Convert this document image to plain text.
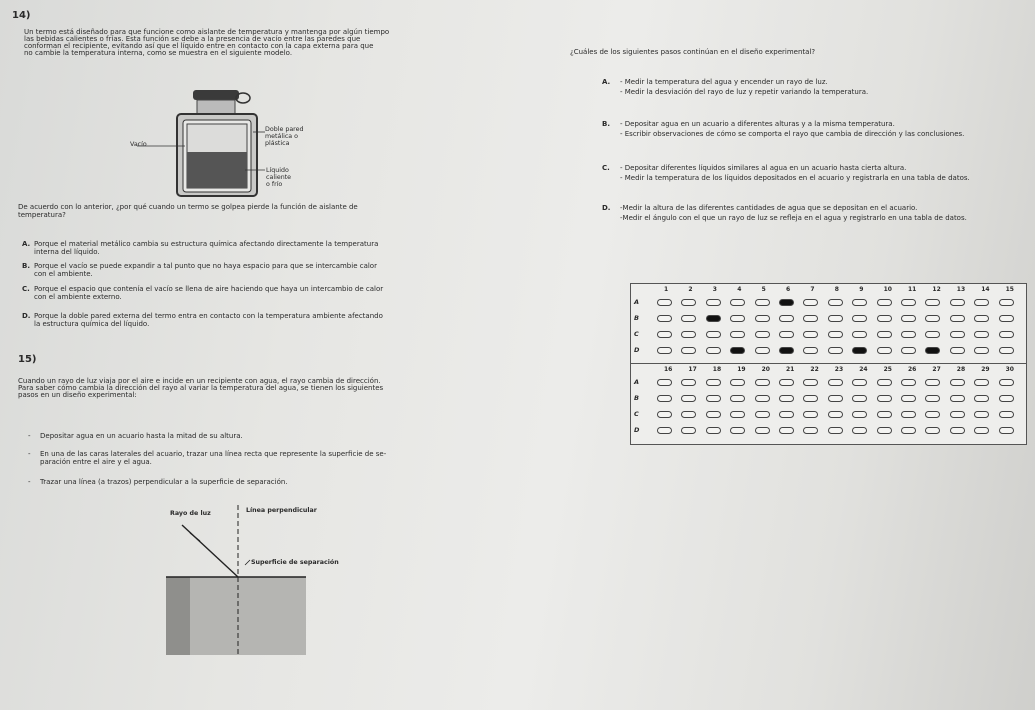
14)
Un termo está diseñado para que funcione como aislante de temperatura y mantenga por algún tiempo
las bebidas calientes o frías. Esta función se debe a la presencia de vacío entre las paredes que
conforman el recipiente, evitando así que el líquido entre en contacto con la capa externa para que
no cambie la temperatura interna, como se muestra en el siguiente modelo.
Vacío
Doble pared
metálica o
plástica
Líquido
caliente
o frío
De acuerdo con lo anterior, ¿por qué cuando un termo se golpea pierde la función de aislante de
temperatura?
A. Porque el material metálico cambia su estructura química afectando directamente la temperatura
interna del líquido.
B. Porque el vacío se puede expandir a tal punto que no haya espacio para que se intercambie calor
con el ambiente.
C. Porque el espacio que contenía el vacío se llena de aire haciendo que haya un intercambio de calor
con el ambiente externo.
D. Porque la doble pared externa del termo entra en contacto con la temperatura ambiente afectando
la estructura química del líquido.
15)
Cuando un rayo de luz viaja por el aire e incide en un recipiente con agua, el rayo cambia de dirección.
Para saber cómo cambia la dirección del rayo al variar la temperatura del agua, se tienen los siguientes
pasos en un diseño experimental:
- Depositar agua en un acuario hasta la mitad de su altura.
- En una de las caras laterales del acuario, trazar una línea recta que represente la superficie de se-
paración entre el aire y el agua.
- Trazar una línea (a trazos) perpendicular a la superficie de separación.
Rayo de luz	Línea perpendicular
Superficie de separación
¿Cuáles de los siguientes pasos continúan en el diseño experimental?
A. - Medir la temperatura del agua y encender un rayo de luz.
- Medir la desviación del rayo de luz y repetir variando la temperatura.
B. - Depositar agua en un acuario a diferentes alturas y a la misma temperatura.
- Escribir observaciones de cómo se comporta el rayo que cambia de dirección y las conclusiones.
C. - Depositar diferentes líquidos similares al agua en un acuario hasta cierta altura.
- Medir la temperatura de los líquidos depositados en el acuario y registrarla en una tabla de datos.
D. -Medir la altura de las diferentes cantidades de agua que se depositan en el acuario.
-Medir el ángulo con el que un rayo de luz se refleja en el agua y registrarlo en una tabla de datos.
1	2	3	4	5	6	7	8	9	10	11	12	13	14	15
A
B
C
D
16	17	18	19	20	21	22	23	24	25	26	27	28	29	30
A
B
C
D
